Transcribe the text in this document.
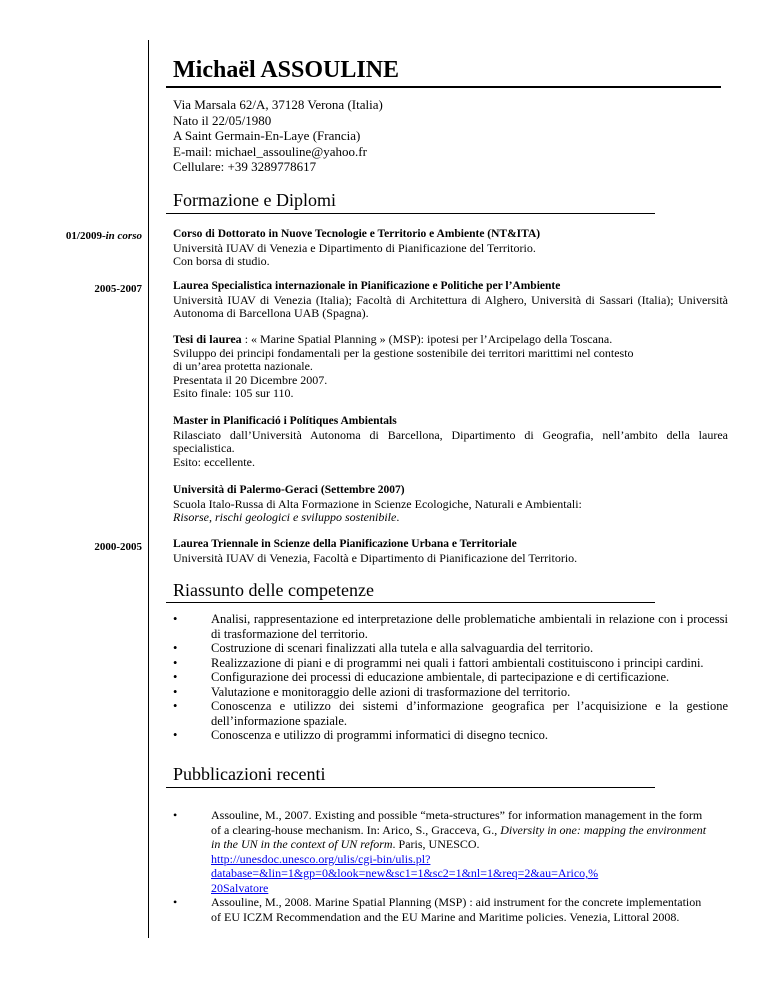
Michaël ASSOULINE
Via Marsala 62/A, 37128 Verona (Italia)
Nato il 22/05/1980
A Saint Germain-En-Laye (Francia)
E-mail: michael_assouline@yahoo.fr
Cellulare: +39 3289778617
Formazione e Diplomi
01/2009-in corso	Corso di Dottorato in Nuove Tecnologie e Territorio e Ambiente (NT&ITA)
Università IUAV di Venezia e Dipartimento di Pianificazione del Territorio.
Con borsa di studio.
2005-2007	Laurea Specialistica internazionale in Pianificazione e Politiche per l’Ambiente
Università IUAV di Venezia (Italia); Facoltà di Architettura di Alghero, Università di Sassari (Italia); Università Autonoma di Barcellona UAB (Spagna).
Tesi di laurea : « Marine Spatial Planning » (MSP): ipotesi per l’Arcipelago della Toscana.
Sviluppo dei principi fondamentali per la gestione sostenibile dei territori marittimi nel contesto di un’area protetta nazionale.
Presentata il 20 Dicembre 2007.
Esito finale: 105 sur 110.
Master in Planificació i Polítiques Ambientals
Rilasciato dall’Università Autonoma di Barcellona, Dipartimento di Geografia, nell’ambito della laurea specialistica.
Esito: eccellente.
Università di Palermo-Geraci (Settembre 2007)
Scuola Italo-Russa di Alta Formazione in Scienze Ecologiche, Naturali e Ambientali:
Risorse, rischi geologici e sviluppo sostenibile.
2000-2005	Laurea Triennale in Scienze della Pianificazione Urbana e Territoriale
Università IUAV di Venezia, Facoltà e Dipartimento di Pianificazione del Territorio.
Riassunto delle competenze
•	Analisi, rappresentazione ed interpretazione delle problematiche ambientali in relazione con i processi di trasformazione del territorio.
•	Costruzione di scenari finalizzati alla tutela e alla salvaguardia del territorio.
•	Realizzazione di piani e di programmi nei quali i fattori ambientali costituiscono i principi cardini.
•	Configurazione dei processi di educazione ambientale, di partecipazione e di certificazione.
•	Valutazione e monitoraggio delle azioni di trasformazione del territorio.
•	Conoscenza e utilizzo dei sistemi d’informazione geografica per l’acquisizione e la gestione dell’informazione spaziale.
•	Conoscenza e utilizzo di programmi informatici di disegno tecnico.
Pubblicazioni recenti
•	Assouline, M., 2007. Existing and possible “meta-structures” for information management in the form of a clearing-house mechanism. In: Arico, S., Gracceva, G., Diversity in one: mapping the environment in the UN in the context of UN reform. Paris, UNESCO.
http://unesdoc.unesco.org/ulis/cgi-bin/ulis.pl?
database=&lin=1&gp=0&look=new&sc1=1&sc2=1&nl=1&req=2&au=Arico,%
20Salvatore
•	Assouline, M., 2008. Marine Spatial Planning (MSP) : aid instrument for the concrete implementation of EU ICZM Recommendation and the EU Marine and Maritime policies. Venezia, Littoral 2008.
